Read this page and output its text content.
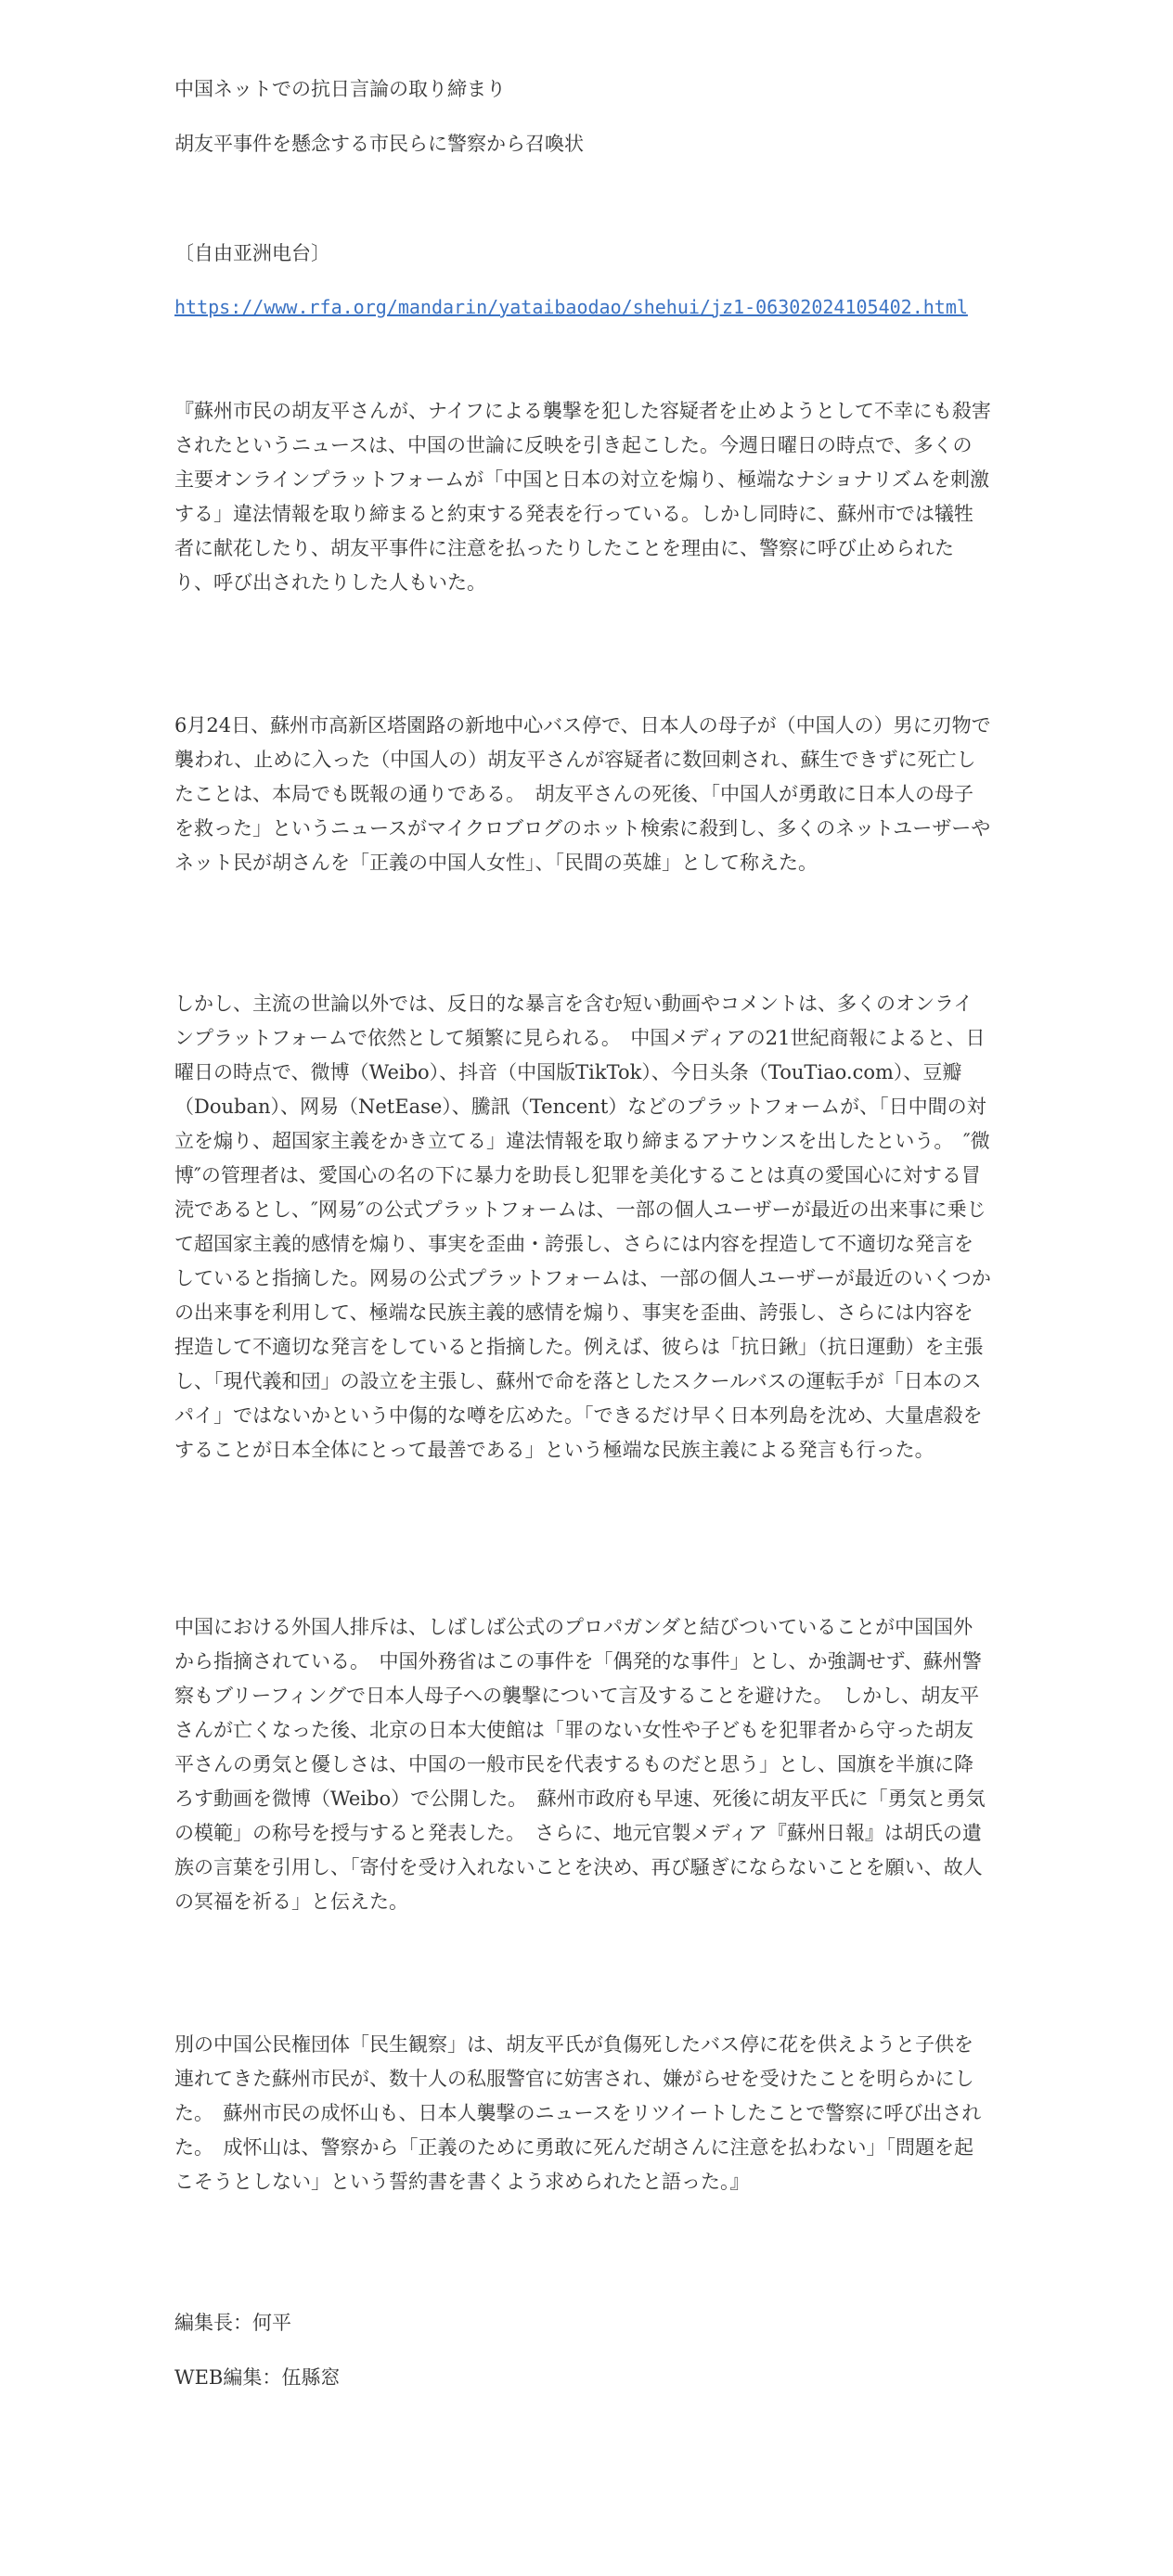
中国ネットでの抗日言論の取り締まり

胡友平事件を懸念する市民らに警察から召喚状

〔自由亚洲电台〕

https://www.rfa.org/mandarin/yataibaodao/shehui/jz1-06302024105402.html

『蘇州市民の胡友平さんが、ナイフによる襲撃を犯した容疑者を止めようとして不幸にも殺害されたというニュースは、中国の世論に反映を引き起こした。今週日曜日の時点で、多くの主要オンラインプラットフォームが「中国と日本の対立を煽り、極端なナショナリズムを刺激する」違法情報を取り締まると約束する発表を行っている。しかし同時に、蘇州市では犠牲者に献花したり、胡友平事件に注意を払ったりしたことを理由に、警察に呼び止められたり、呼び出されたりした人もいた。

6月24日、蘇州市高新区塔園路の新地中心バス停で、日本人の母子が（中国人の）男に刃物で襲われ、止めに入った（中国人の）胡友平さんが容疑者に数回刺され、蘇生できずに死亡したことは、本局でも既報の通りである。　胡友平さんの死後、「中国人が勇敢に日本人の母子を救った」というニュースがマイクロブログのホット検索に殺到し、多くのネットユーザーやネット民が胡さんを「正義の中国人女性」、「民間の英雄」として称えた。

しかし、主流の世論以外では、反日的な暴言を含む短い動画やコメントは、多くのオンラインプラットフォームで依然として頻繁に見られる。　中国メディアの21世紀商報によると、日曜日の時点で、微博（Weibo）、抖音（中国版TikTok）、今日头条（TouTiao.com）、豆瓣（Douban）、网易（NetEase）、騰訊（Tencent）などのプラットフォームが、「日中間の対立を煽り、超国家主義をかき立てる」違法情報を取り締まるアナウンスを出したという。　″微博″の管理者は、愛国心の名の下に暴力を助長し犯罪を美化することは真の愛国心に対する冒涜であるとし、″网易″の公式プラットフォームは、一部の個人ユーザーが最近の出来事に乗じて超国家主義的感情を煽り、事実を歪曲・誇張し、さらには内容を捏造して不適切な発言をしていると指摘した。网易の公式プラットフォームは、一部の個人ユーザーが最近のいくつかの出来事を利用して、極端な民族主義的感情を煽り、事実を歪曲、誇張し、さらには内容を捏造して不適切な発言をしていると指摘した。例えば、彼らは「抗日鍬」（抗日運動）を主張し、「現代義和団」の設立を主張し、蘇州で命を落としたスクールバスの運転手が「日本のスパイ」ではないかという中傷的な噂を広めた。「できるだけ早く日本列島を沈め、大量虐殺をすることが日本全体にとって最善である」という極端な民族主義による発言も行った。

中国における外国人排斥は、しばしば公式のプロパガンダと結びついていることが中国国外から指摘されている。　中国外務省はこの事件を「偶発的な事件」とし、か強調せず、蘇州警察もブリーフィングで日本人母子への襲撃について言及することを避けた。　しかし、胡友平さんが亡くなった後、北京の日本大使館は「罪のない女性や子どもを犯罪者から守った胡友平さんの勇気と優しさは、中国の一般市民を代表するものだと思う」とし、国旗を半旗に降ろす動画を微博（Weibo）で公開した。　蘇州市政府も早速、死後に胡友平氏に「勇気と勇気の模範」の称号を授与すると発表した。　さらに、地元官製メディア『蘇州日報』は胡氏の遺族の言葉を引用し、「寄付を受け入れないことを決め、再び騒ぎにならないことを願い、故人の冥福を祈る」と伝えた。

別の中国公民権団体「民生観察」は、胡友平氏が負傷死したバス停に花を供えようと子供を連れてきた蘇州市民が、数十人の私服警官に妨害され、嫌がらせを受けたことを明らかにした。　蘇州市民の成怀山も、日本人襲撃のニュースをリツイートしたことで警察に呼び出された。　成怀山は、警察から「正義のために勇敢に死んだ胡さんに注意を払わない」「問題を起こそうとしない」という誓約書を書くよう求められたと語った。』

編集長：何平

WEB編集：伍縣窓
